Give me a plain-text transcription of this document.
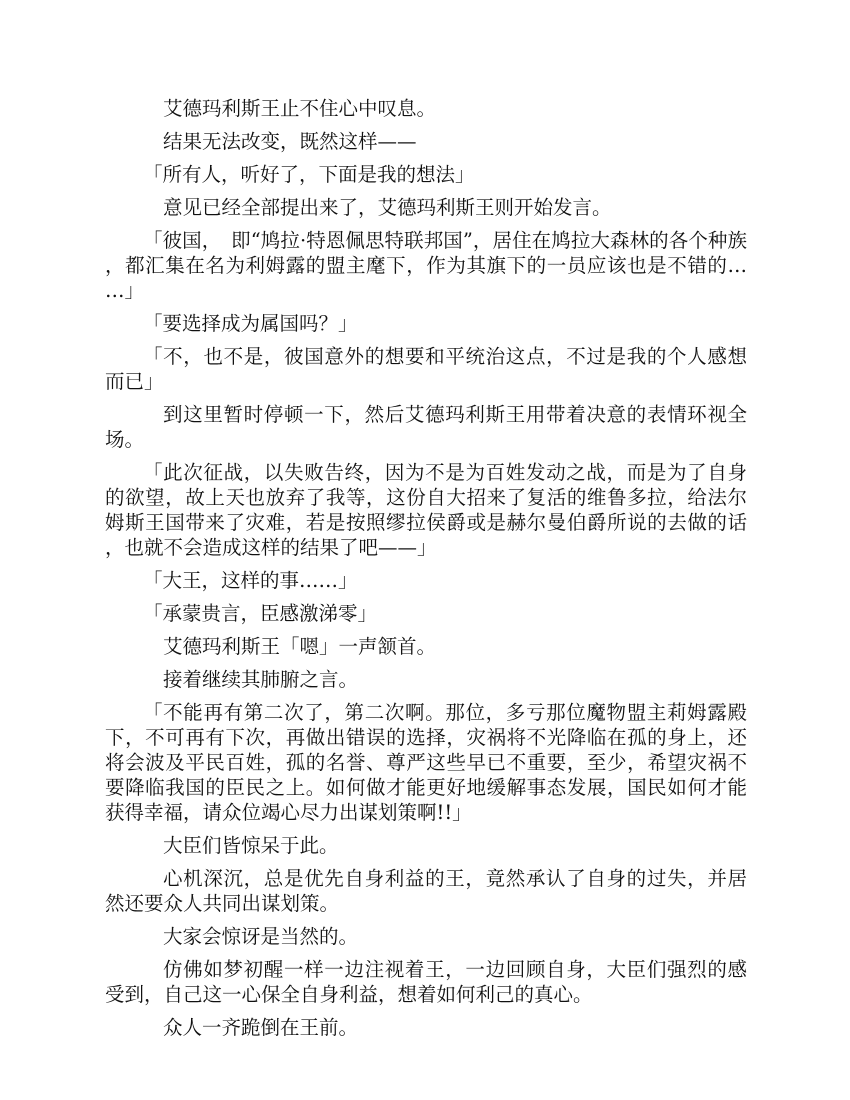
艾德玛利斯王止不住心中叹息。

结果无法改变，既然这样——

「所有人，听好了，下面是我的想法」

意见已经全部提出来了，艾德玛利斯王则开始发言。

「彼国，　即“鸠拉·特恩佩思特联邦国”，居住在鸠拉大森林的各个种族，都汇集在名为利姆露的盟主麾下，作为其旗下的一员应该也是不错的……」

「要选择成为属国吗？」

「不，也不是，彼国意外的想要和平统治这点，不过是我的个人感想而已」

到这里暂时停顿一下，然后艾德玛利斯王用带着决意的表情环视全场。

「此次征战，以失败告终，因为不是为百姓发动之战，而是为了自身的欲望，故上天也放弃了我等，这份自大招来了复活的维鲁多拉，给法尔姆斯王国带来了灾难，若是按照缪拉侯爵或是赫尔曼伯爵所说的去做的话，也就不会造成这样的结果了吧——」

「大王，这样的事……」

「承蒙贵言，臣感激涕零」

艾德玛利斯王「嗯」一声颔首。

接着继续其肺腑之言。

「不能再有第二次了，第二次啊。那位，多亏那位魔物盟主莉姆露殿下，不可再有下次，再做出错误的选择，灾祸将不光降临在孤的身上，还将会波及平民百姓，孤的名誉、尊严这些早已不重要，至少，希望灾祸不要降临我国的臣民之上。如何做才能更好地缓解事态发展，国民如何才能获得幸福，请众位竭心尽力出谋划策啊!!」

大臣们皆惊呆于此。

心机深沉，总是优先自身利益的王，竟然承认了自身的过失，并居然还要众人共同出谋划策。

大家会惊讶是当然的。

仿佛如梦初醒一样一边注视着王，一边回顾自身，大臣们强烈的感受到，自己这一心保全自身利益，想着如何利己的真心。

众人一齐跪倒在王前。
